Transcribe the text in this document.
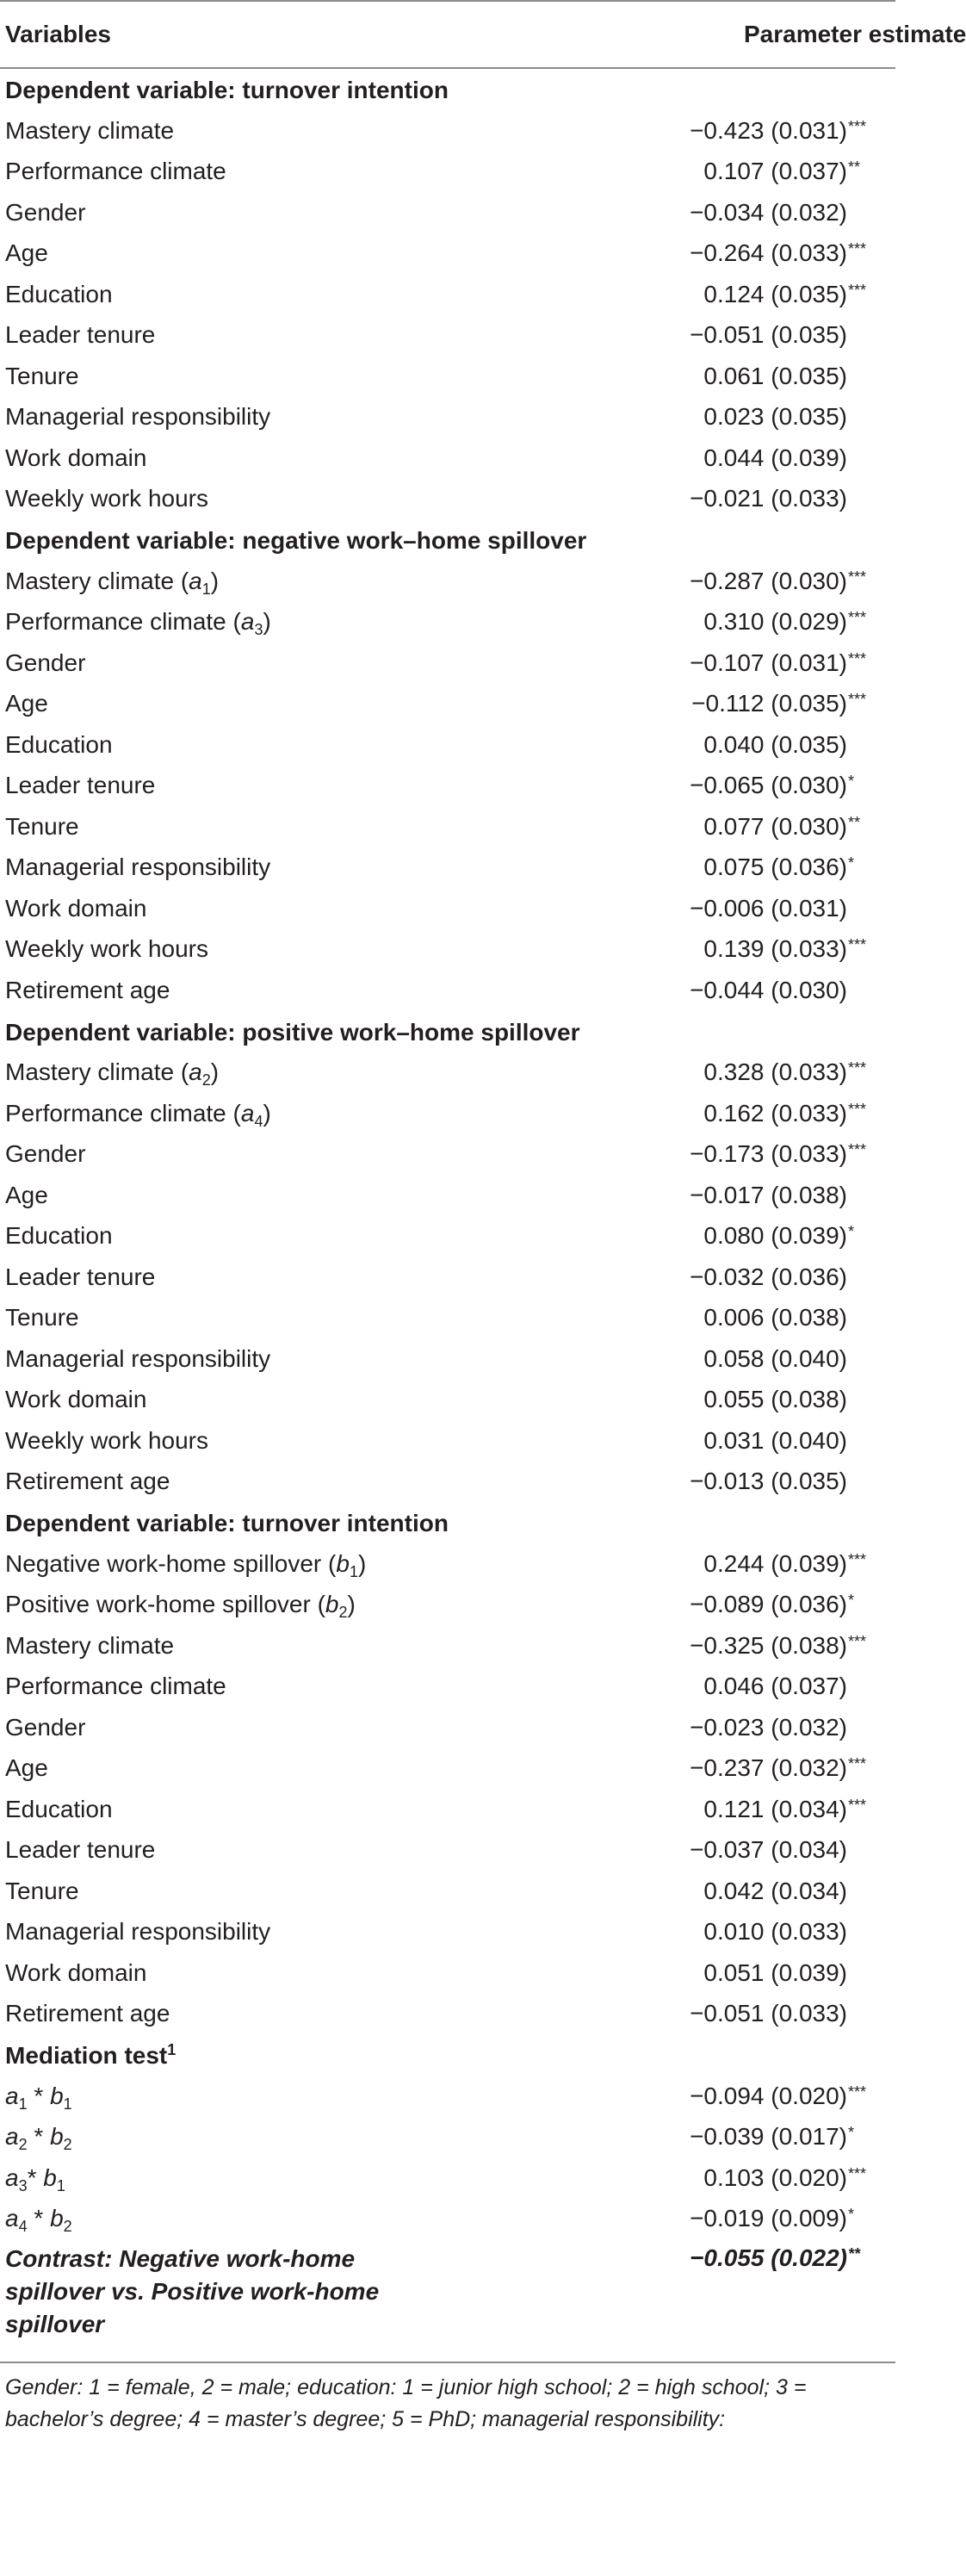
Variables	Parameter estimate
Dependent variable: turnover intention
Mastery climate	−0.423 (0.031)***
Performance climate	0.107 (0.037)**
Gender	−0.034 (0.032)
Age	−0.264 (0.033)***
Education	0.124 (0.035)***
Leader tenure	−0.051 (0.035)
Tenure	0.061 (0.035)
Managerial responsibility	0.023 (0.035)
Work domain	0.044 (0.039)
Weekly work hours	−0.021 (0.033)
Dependent variable: negative work–home spillover
Mastery climate $(a_1)$	−0.287 (0.030)***
Performance climate $(a_3)$	0.310 (0.029)***
Gender	−0.107 (0.031)***
Age	−0.112 (0.035)***
Education	0.040 (0.035)
Leader tenure	−0.065 (0.030)*
Tenure	0.077 (0.030)**
Managerial responsibility	0.075 (0.036)*
Work domain	−0.006 (0.031)
Weekly work hours	0.139 (0.033)***
Retirement age	−0.044 (0.030)
Dependent variable: positive work–home spillover
Mastery climate $(a_2)$	0.328 (0.033)***
Performance climate $(a_4)$	0.162 (0.033)***
Gender	−0.173 (0.033)***
Age	−0.017 (0.038)
Education	0.080 (0.039)*
Leader tenure	−0.032 (0.036)
Tenure	0.006 (0.038)
Managerial responsibility	0.058 (0.040)
Work domain	0.055 (0.038)
Weekly work hours	0.031 (0.040)
Retirement age	−0.013 (0.035)
Dependent variable: turnover intention
Negative work-home spillover $(b_1)$	0.244 (0.039)***
Positive work-home spillover $(b_2)$	−0.089 (0.036)*
Mastery climate	−0.325 (0.038)***
Performance climate	0.046 (0.037)
Gender	−0.023 (0.032)
Age	−0.237 (0.032)***
Education	0.121 (0.034)***
Leader tenure	−0.037 (0.034)
Tenure	0.042 (0.034)
Managerial responsibility	0.010 (0.033)
Work domain	0.051 (0.039)
Retirement age	−0.051 (0.033)
Mediation test$^1$
$a_1 * b_1$	−0.094 (0.020)***
$a_2 * b_2$	−0.039 (0.017)*
$a_3*$ $b_1$	0.103 (0.020)***
$a_4 * b_2$	−0.019 (0.009)*
Contrast: Negative work-home spillover vs. Positive work-home spillover
−0.055 (0.022)**
Gender: 1 = female, 2 = male; education: 1 = junior high school; 2 = high school; 3 = bachelor’s degree; 4 = master’s degree; 5 = PhD; managerial responsibility:
